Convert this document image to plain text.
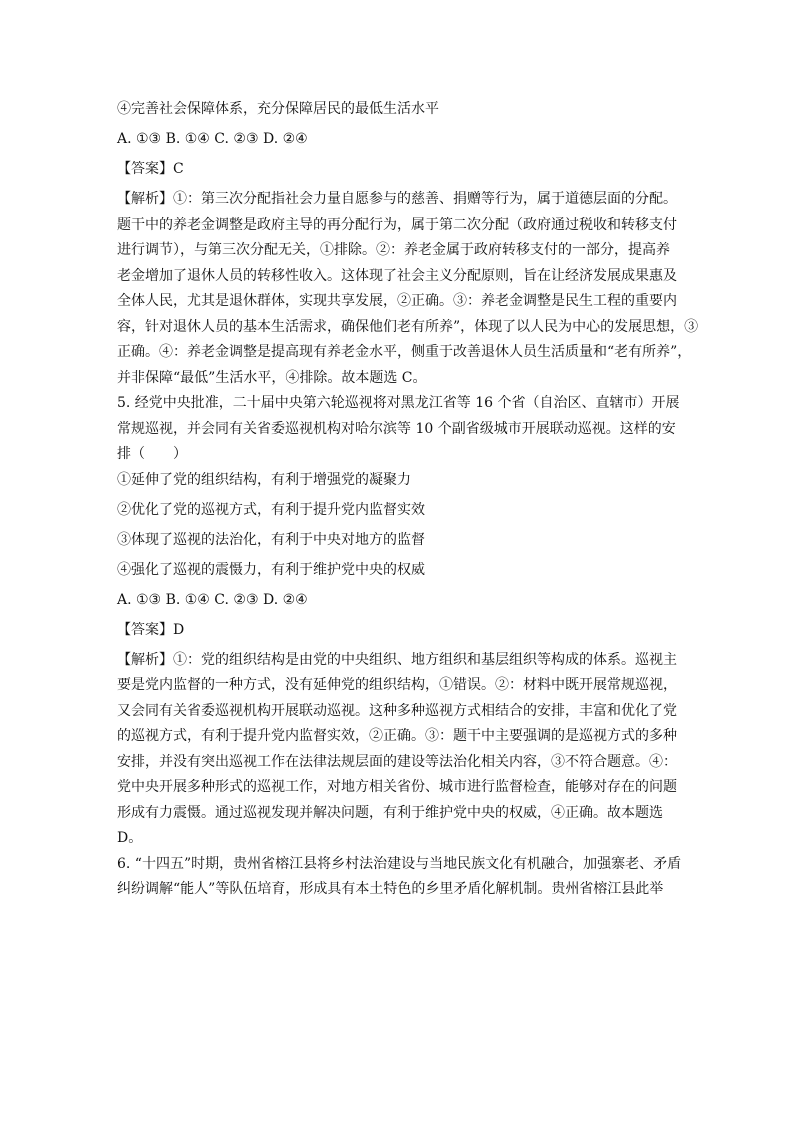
④完善社会保障体系，充分保障居民的最低生活水平

A. ①③ B. ①④ C. ②③ D. ②④

【答案】C

【解析】①：第三次分配指社会力量自愿参与的慈善、捐赠等行为，属于道德层面的分配。

题干中的养老金调整是政府主导的再分配行为，属于第二次分配（政府通过税收和转移支付

进行调节），与第三次分配无关，①排除。②：养老金属于政府转移支付的一部分，提高养

老金增加了退休人员的转移性收入。这体现了社会主义分配原则，旨在让经济发展成果惠及

全体人民，尤其是退休群体，实现共享发展，②正确。③：养老金调整是民生工程的重要内

容，针对退休人员的基本生活需求，确保他们老有所养”，体现了以人民为中心的发展思想，③

正确。④：养老金调整是提高现有养老金水平，侧重于改善退休人员生活质量和“老有所养”，

并非保障“最低”生活水平，④排除。故本题选 C。

5. 经党中央批准，二十届中央第六轮巡视将对黑龙江省等 16 个省（自治区、直辖市）开展

常规巡视，并会同有关省委巡视机构对哈尔滨等 10 个副省级城市开展联动巡视。这样的安

排（　　）

①延伸了党的组织结构，有利于增强党的凝聚力

②优化了党的巡视方式，有利于提升党内监督实效

③体现了巡视的法治化，有利于中央对地方的监督

④强化了巡视的震慑力，有利于维护党中央的权威

A. ①③ B. ①④ C. ②③ D. ②④

【答案】D

【解析】①：党的组织结构是由党的中央组织、地方组织和基层组织等构成的体系。巡视主

要是党内监督的一种方式，没有延伸党的组织结构，①错误。②：材料中既开展常规巡视，

又会同有关省委巡视机构开展联动巡视。这种多种巡视方式相结合的安排，丰富和优化了党

的巡视方式，有利于提升党内监督实效，②正确。③：题干中主要强调的是巡视方式的多种

安排，并没有突出巡视工作在法律法规层面的建设等法治化相关内容，③不符合题意。④：

党中央开展多种形式的巡视工作，对地方相关省份、城市进行监督检查，能够对存在的问题

形成有力震慑。通过巡视发现并解决问题，有利于维护党中央的权威，④正确。故本题选

D。

6. “十四五”时期，贵州省榕江县将乡村法治建设与当地民族文化有机融合，加强寨老、矛盾

纠纷调解“能人”等队伍培育，形成具有本土特色的乡里矛盾化解机制。贵州省榕江县此举
